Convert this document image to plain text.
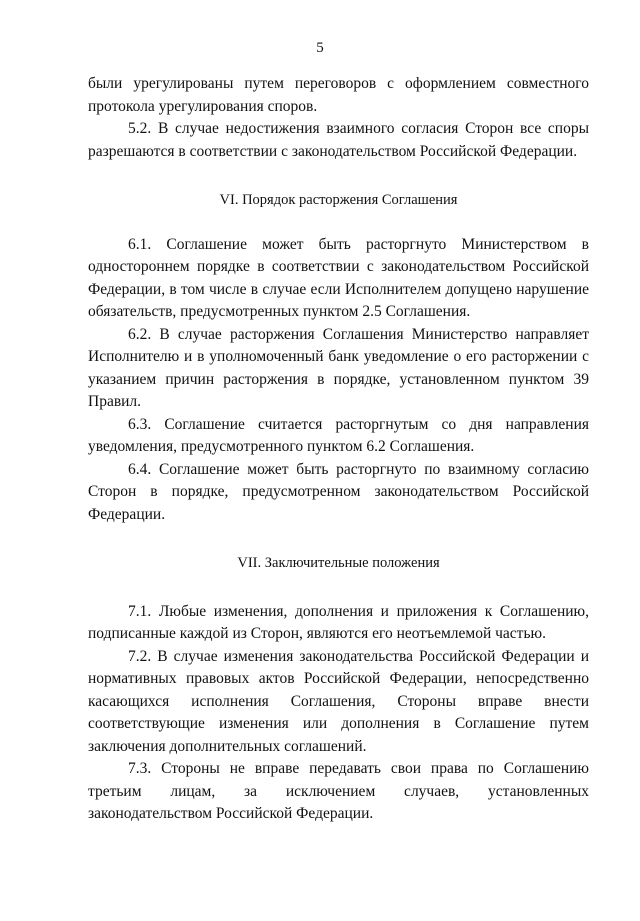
5

были урегулированы путем переговоров с оформлением совместного протокола урегулирования споров.

5.2. В случае недостижения взаимного согласия Сторон все споры разрешаются в соответствии с законодательством Российской Федерации.

VI. Порядок расторжения Соглашения

6.1. Соглашение может быть расторгнуто Министерством в одностороннем порядке в соответствии с законодательством Российской Федерации, в том числе в случае если Исполнителем допущено нарушение обязательств, предусмотренных пунктом 2.5 Соглашения.

6.2. В случае расторжения Соглашения Министерство направляет Исполнителю и в уполномоченный банк уведомление о его расторжении с указанием причин расторжения в порядке, установленном пунктом 39 Правил.

6.3. Соглашение считается расторгнутым со дня направления уведомления, предусмотренного пунктом 6.2 Соглашения.

6.4. Соглашение может быть расторгнуто по взаимному согласию Сторон в порядке, предусмотренном законодательством Российской Федерации.

VII. Заключительные положения

7.1. Любые изменения, дополнения и приложения к Соглашению, подписанные каждой из Сторон, являются его неотъемлемой частью.

7.2. В случае изменения законодательства Российской Федерации и нормативных правовых актов Российской Федерации, непосредственно касающихся исполнения Соглашения, Стороны вправе внести соответствующие изменения или дополнения в Соглашение путем заключения дополнительных соглашений.

7.3. Стороны не вправе передавать свои права по Соглашению третьим лицам, за исключением случаев, установленных законодательством Российской Федерации.
